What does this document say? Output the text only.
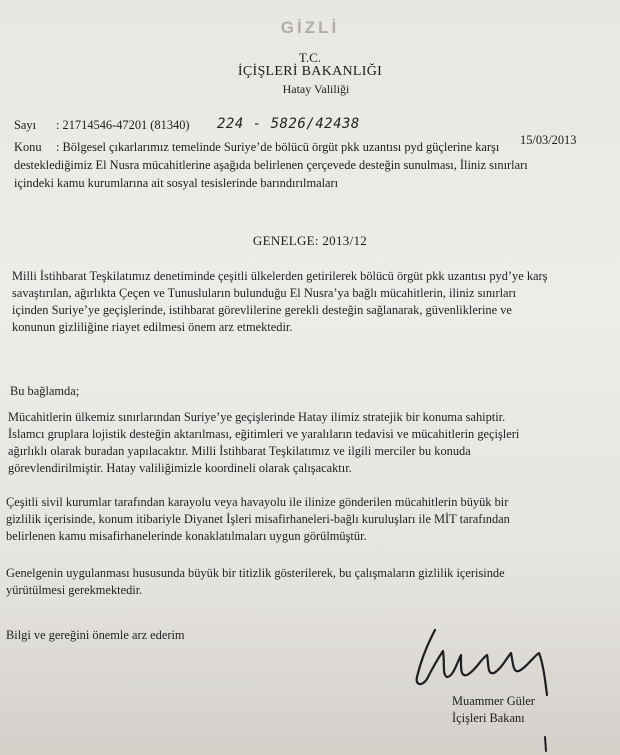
GİZLİ
T.C.
İÇİŞLERİ BAKANLIĞI
Hatay Valiliği
Sayı : 21714546-47201 (81340) 224 - 5826/42438
15/03/2013
Konu : Bölgesel çıkarlarımız temelinde Suriye’de bölücü örgüt pkk uzantısı pyd güçlerine karşı
desteklediğimiz El Nusra mücahitlerine aşağıda belirlenen çerçevede desteğin sunulması, İliniz sınırları
içindeki kamu kurumlarına ait sosyal tesislerinde barındırılmaları
GENELGE: 2013/12
Milli İstihbarat Teşkilatımız denetiminde çeşitli ülkelerden getirilerek bölücü örgüt pkk uzantısı pyd’ye karş
savaştırılan, ağırlıkta Çeçen ve Tunusluların bulunduğu El Nusra’ya bağlı mücahitlerin, iliniz sınırları
içinden Suriye’ye geçişlerinde, istihbarat görevlilerine gerekli desteğin sağlanarak, güvenliklerine ve
konunun gizliliğine riayet edilmesi önem arz etmektedir.
Bu bağlamda;
Mücahitlerin ülkemiz sınırlarından Suriye’ye geçişlerinde Hatay ilimiz stratejik bir konuma sahiptir.
İslamcı gruplara lojistik desteğin aktarılması, eğitimleri ve yaralıların tedavisi ve mücahitlerin geçişleri
ağırlıklı olarak buradan yapılacaktır. Milli İstihbarat Teşkilatımız ve ilgili merciler bu konuda
görevlendirilmiştir. Hatay valiliğimizle koordineli olarak çalışacaktır.
Çeşitli sivil kurumlar tarafından karayolu veya havayolu ile ilinize gönderilen mücahitlerin büyük bir
gizlilik içerisinde, konum itibariyle Diyanet İşleri misafirhaneleri-bağlı kuruluşları ile MİT tarafından
belirlenen kamu misafirhanelerinde konaklatılmaları uygun görülmüştür.
Genelgenin uygulanması hususunda büyük bir titizlik gösterilerek, bu çalışmaların gizlilik içerisinde
yürütülmesi gerekmektedir.
Bilgi ve gereğini önemle arz ederim
Muammer Güler
İçişleri Bakanı
